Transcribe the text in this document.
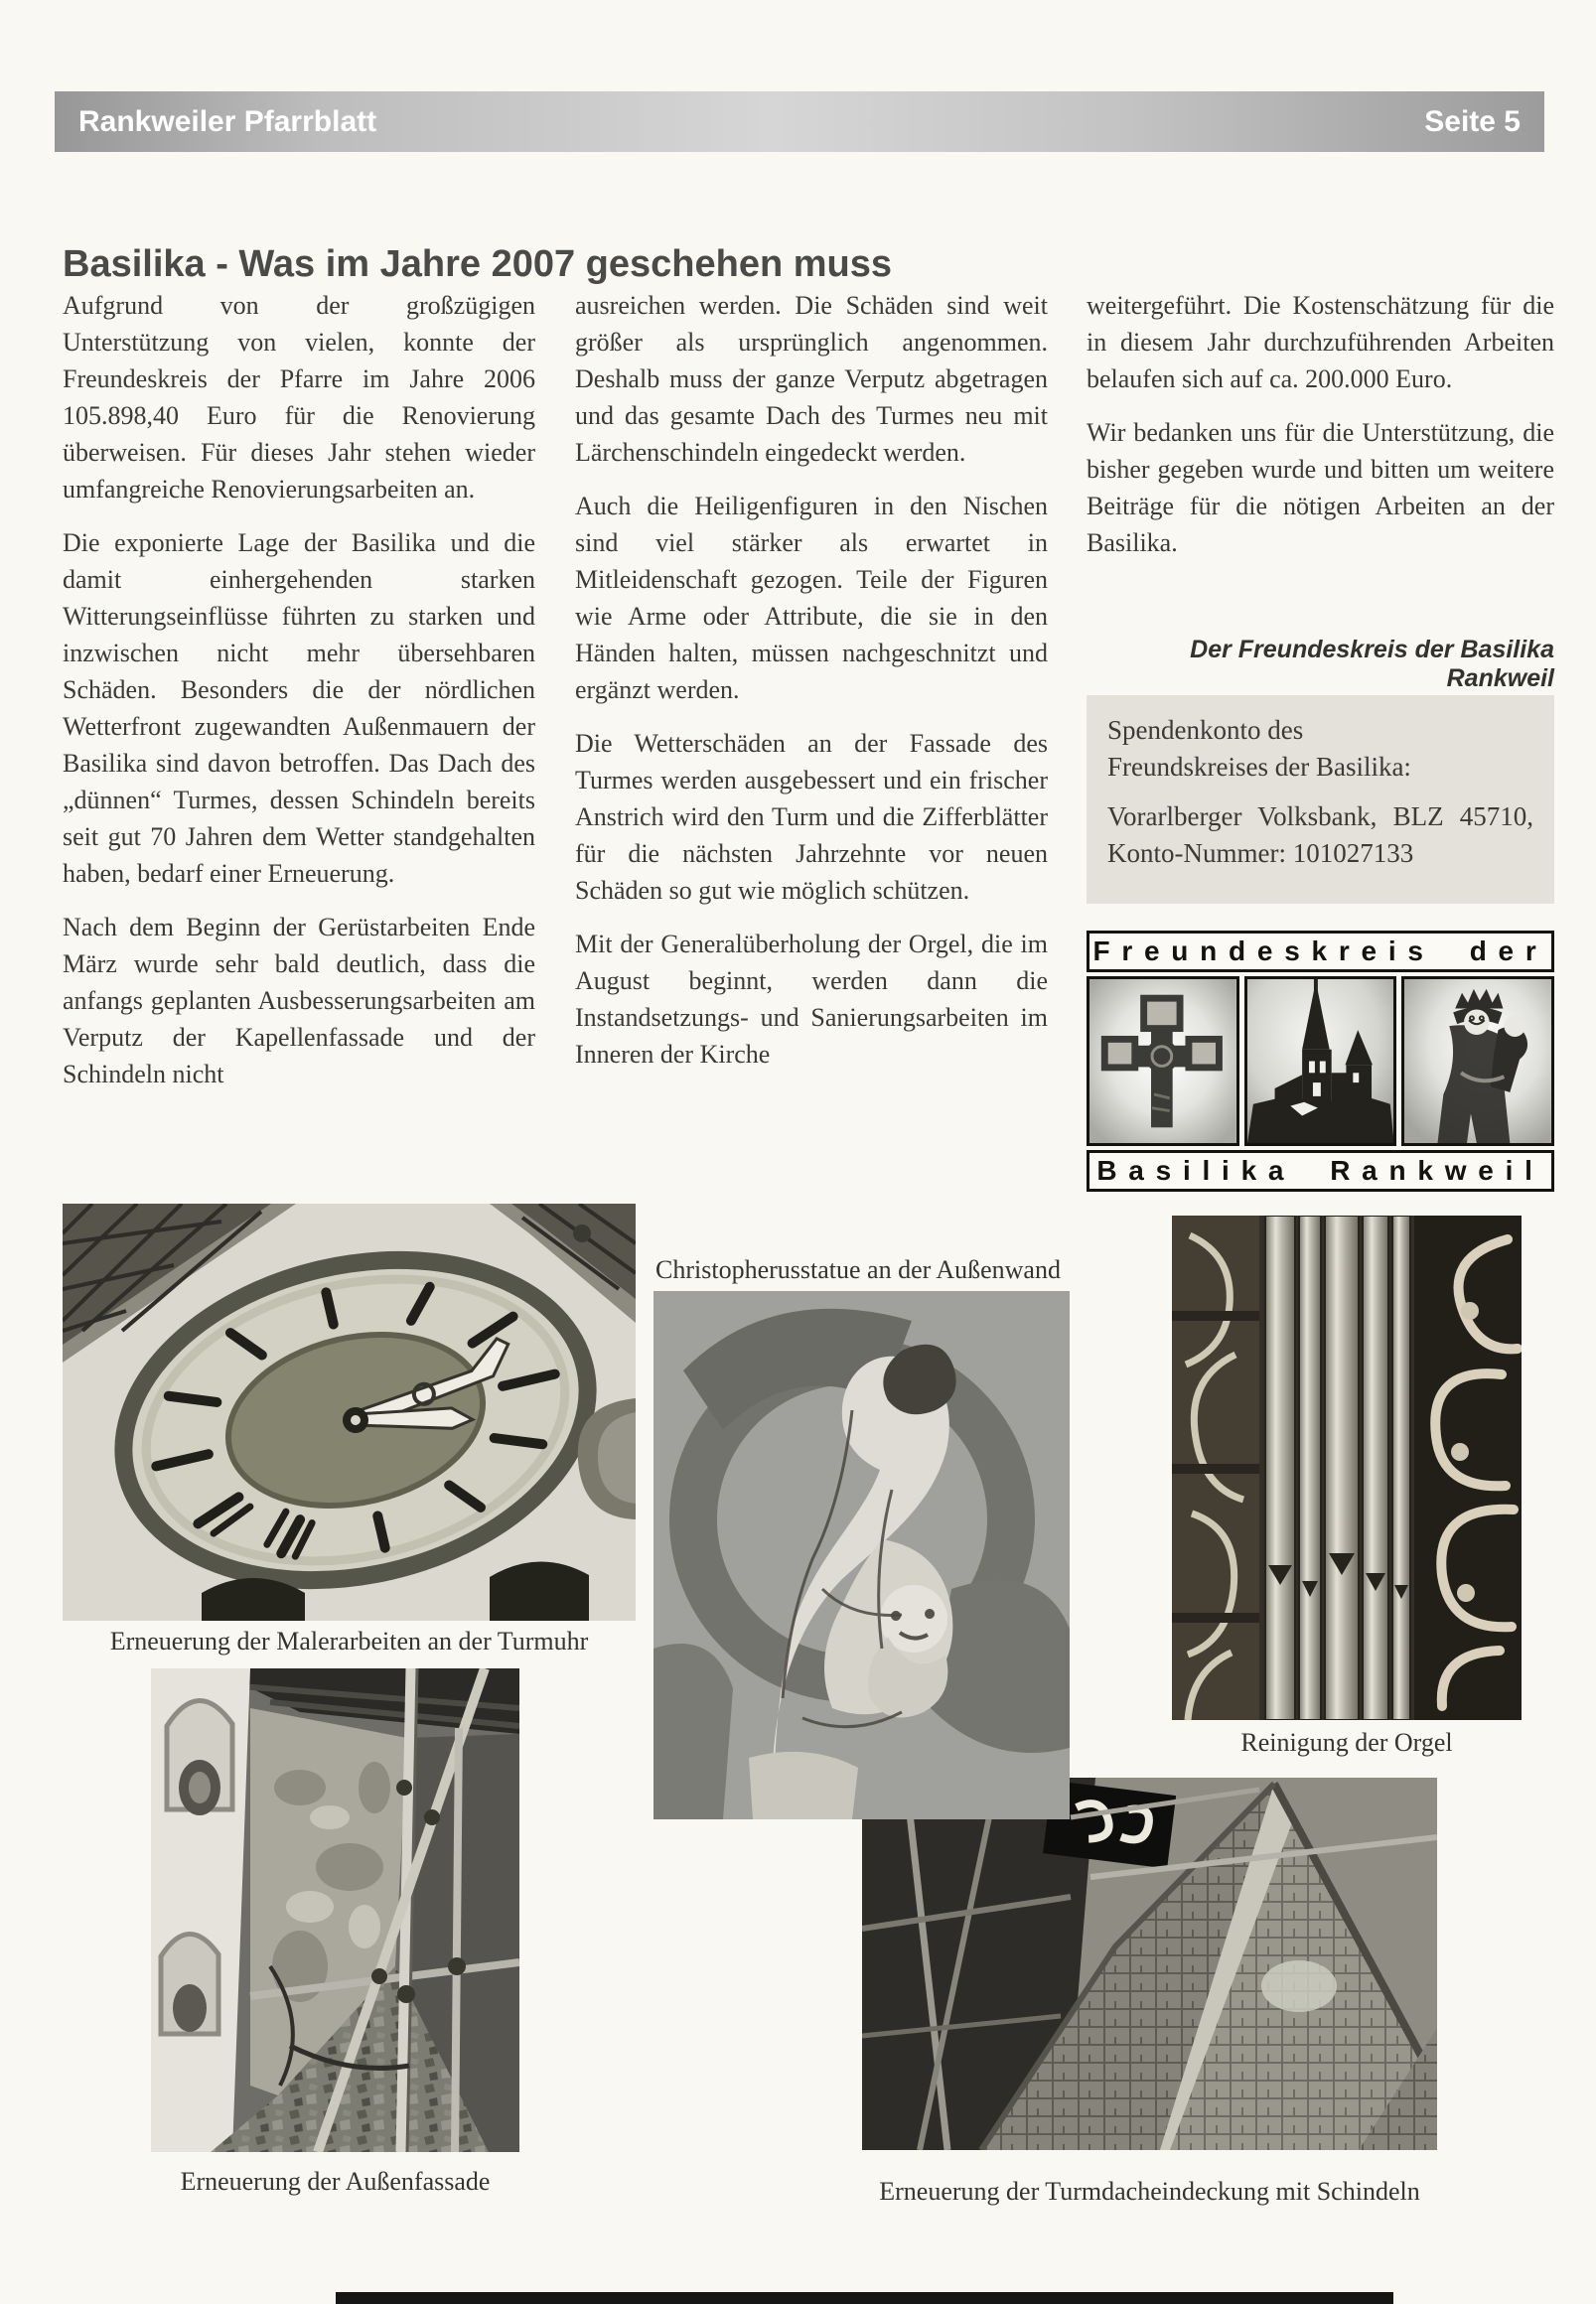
Rankweiler Pfarrblatt	Seite 5
Basilika - Was im Jahre 2007 geschehen muss

Aufgrund von der großzügigen Unterstützung von vielen, konnte der Freundeskreis der Pfarre im Jahre 2006 105.898,40 Euro für die Renovierung überweisen. Für dieses Jahr stehen wieder umfangreiche Renovierungsarbeiten an.

Die exponierte Lage der Basilika und die damit einhergehenden starken Witterungseinflüsse führten zu starken und inzwischen nicht mehr übersehbaren Schäden. Besonders die der nördlichen Wetterfront zugewandten Außenmauern der Basilika sind davon betroffen. Das Dach des „dünnen“ Turmes, dessen Schindeln bereits seit gut 70 Jahren dem Wetter standgehalten haben, bedarf einer Erneuerung.

Nach dem Beginn der Gerüstarbeiten Ende März wurde sehr bald deutlich, dass die anfangs geplanten Ausbesserungsarbeiten am Verputz der Kapellenfassade und der Schindeln nicht

ausreichen werden. Die Schäden sind weit größer als ursprünglich angenommen. Deshalb muss der ganze Verputz abgetragen und das gesamte Dach des Turmes neu mit Lärchenschindeln eingedeckt werden.

Auch die Heiligenfiguren in den Nischen sind viel stärker als erwartet in Mitleidenschaft gezogen. Teile der Figuren wie Arme oder Attribute, die sie in den Händen halten, müssen nachgeschnitzt und ergänzt werden.

Die Wetterschäden an der Fassade des Turmes werden ausgebessert und ein frischer Anstrich wird den Turm und die Zifferblätter für die nächsten Jahrzehnte vor neuen Schäden so gut wie möglich schützen.

Mit der Generalüberholung der Orgel, die im August beginnt, werden dann die Instandsetzungs- und Sanierungsarbeiten im Inneren der Kirche

weitergeführt. Die Kostenschätzung für die in diesem Jahr durchzuführenden Arbeiten belaufen sich auf ca. 200.000 Euro.

Wir bedanken uns für die Unterstützung, die bisher gegeben wurde und bitten um weitere Beiträge für die nötigen Arbeiten an der Basilika.

Der Freundeskreis der Basilika Rankweil
Spendenkonto des
Freundskreises der Basilika:
Vorarlberger Volksbank, BLZ 45710, Konto-Nummer: 101027133
Freundeskreis der
Basilika Rankweil
Erneuerung der Malerarbeiten an der Turmuhr
Christopherusstatue an der Außenwand
Reinigung der Orgel
Erneuerung der Außenfassade	Erneuerung der Turmdacheindeckung mit Schindeln
